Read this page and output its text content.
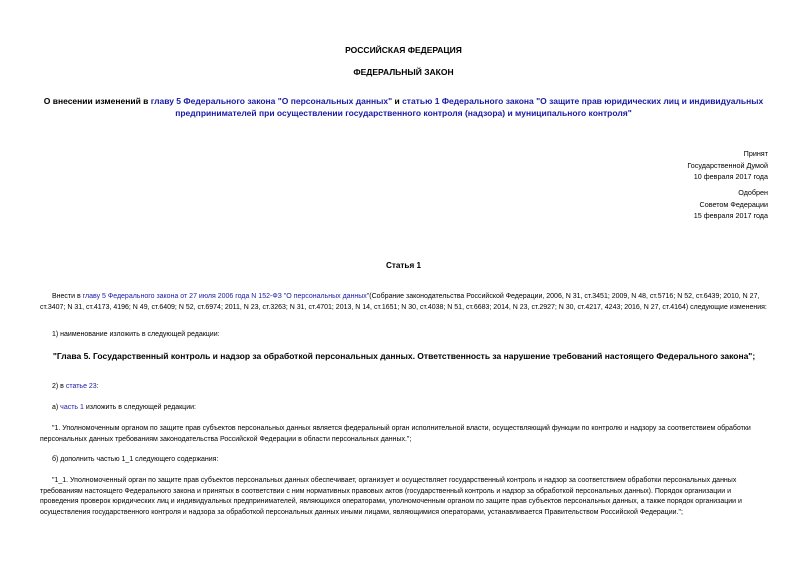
РОССИЙСКАЯ ФЕДЕРАЦИЯ
ФЕДЕРАЛЬНЫЙ ЗАКОН
О внесении изменений в главу 5 Федерального закона "О персональных данных" и статью 1 Федерального закона "О защите прав юридических лиц и индивидуальных предпринимателей при осуществлении государственного контроля (надзора) и муниципального контроля"
Принят
Государственной Думой
10 февраля 2017 года
Одобрен
Советом Федерации
15 февраля 2017 года
Статья 1
Внести в главу 5 Федерального закона от 27 июля 2006 года N 152-ФЗ "О персональных данных"(Собрание законодательства Российской Федерации, 2006, N 31, ст.3451; 2009, N 48, ст.5716; N 52, ст.6439; 2010, N 27, ст.3407; N 31, ст.4173, 4196; N 49, ст.6409; N 52, ст.6974; 2011, N 23, ст.3263; N 31, ст.4701; 2013, N 14, ст.1651; N 30, ст.4038; N 51, ст.6683; 2014, N 23, ст.2927; N 30, ст.4217, 4243; 2016, N 27, ст.4164) следующие изменения:
1) наименование изложить в следующей редакции:
"Глава 5. Государственный контроль и надзор за обработкой персональных данных. Ответственность за нарушение требований настоящего Федерального закона";
2) в статье 23:
а) часть 1 изложить в следующей редакции:
"1. Уполномоченным органом по защите прав субъектов персональных данных является федеральный орган исполнительной власти, осуществляющий функции по контролю и надзору за соответствием обработки персональных данных требованиям законодательства Российской Федерации в области персональных данных.";
б) дополнить частью 1_1 следующего содержания:
"1_1. Уполномоченный орган по защите прав субъектов персональных данных обеспечивает, организует и осуществляет государственный контроль и надзор за соответствием обработки персональных данных требованиям настоящего Федерального закона и принятых в соответствии с ним нормативных правовых актов (государственный контроль и надзор за обработкой персональных данных). Порядок организации и проведения проверок юридических лиц и индивидуальных предпринимателей, являющихся операторами, уполномоченным органом по защите прав субъектов персональных данных, а также порядок организации и осуществления государственного контроля и надзора за обработкой персональных данных иными лицами, являющимися операторами, устанавливается Правительством Российской Федерации.";
